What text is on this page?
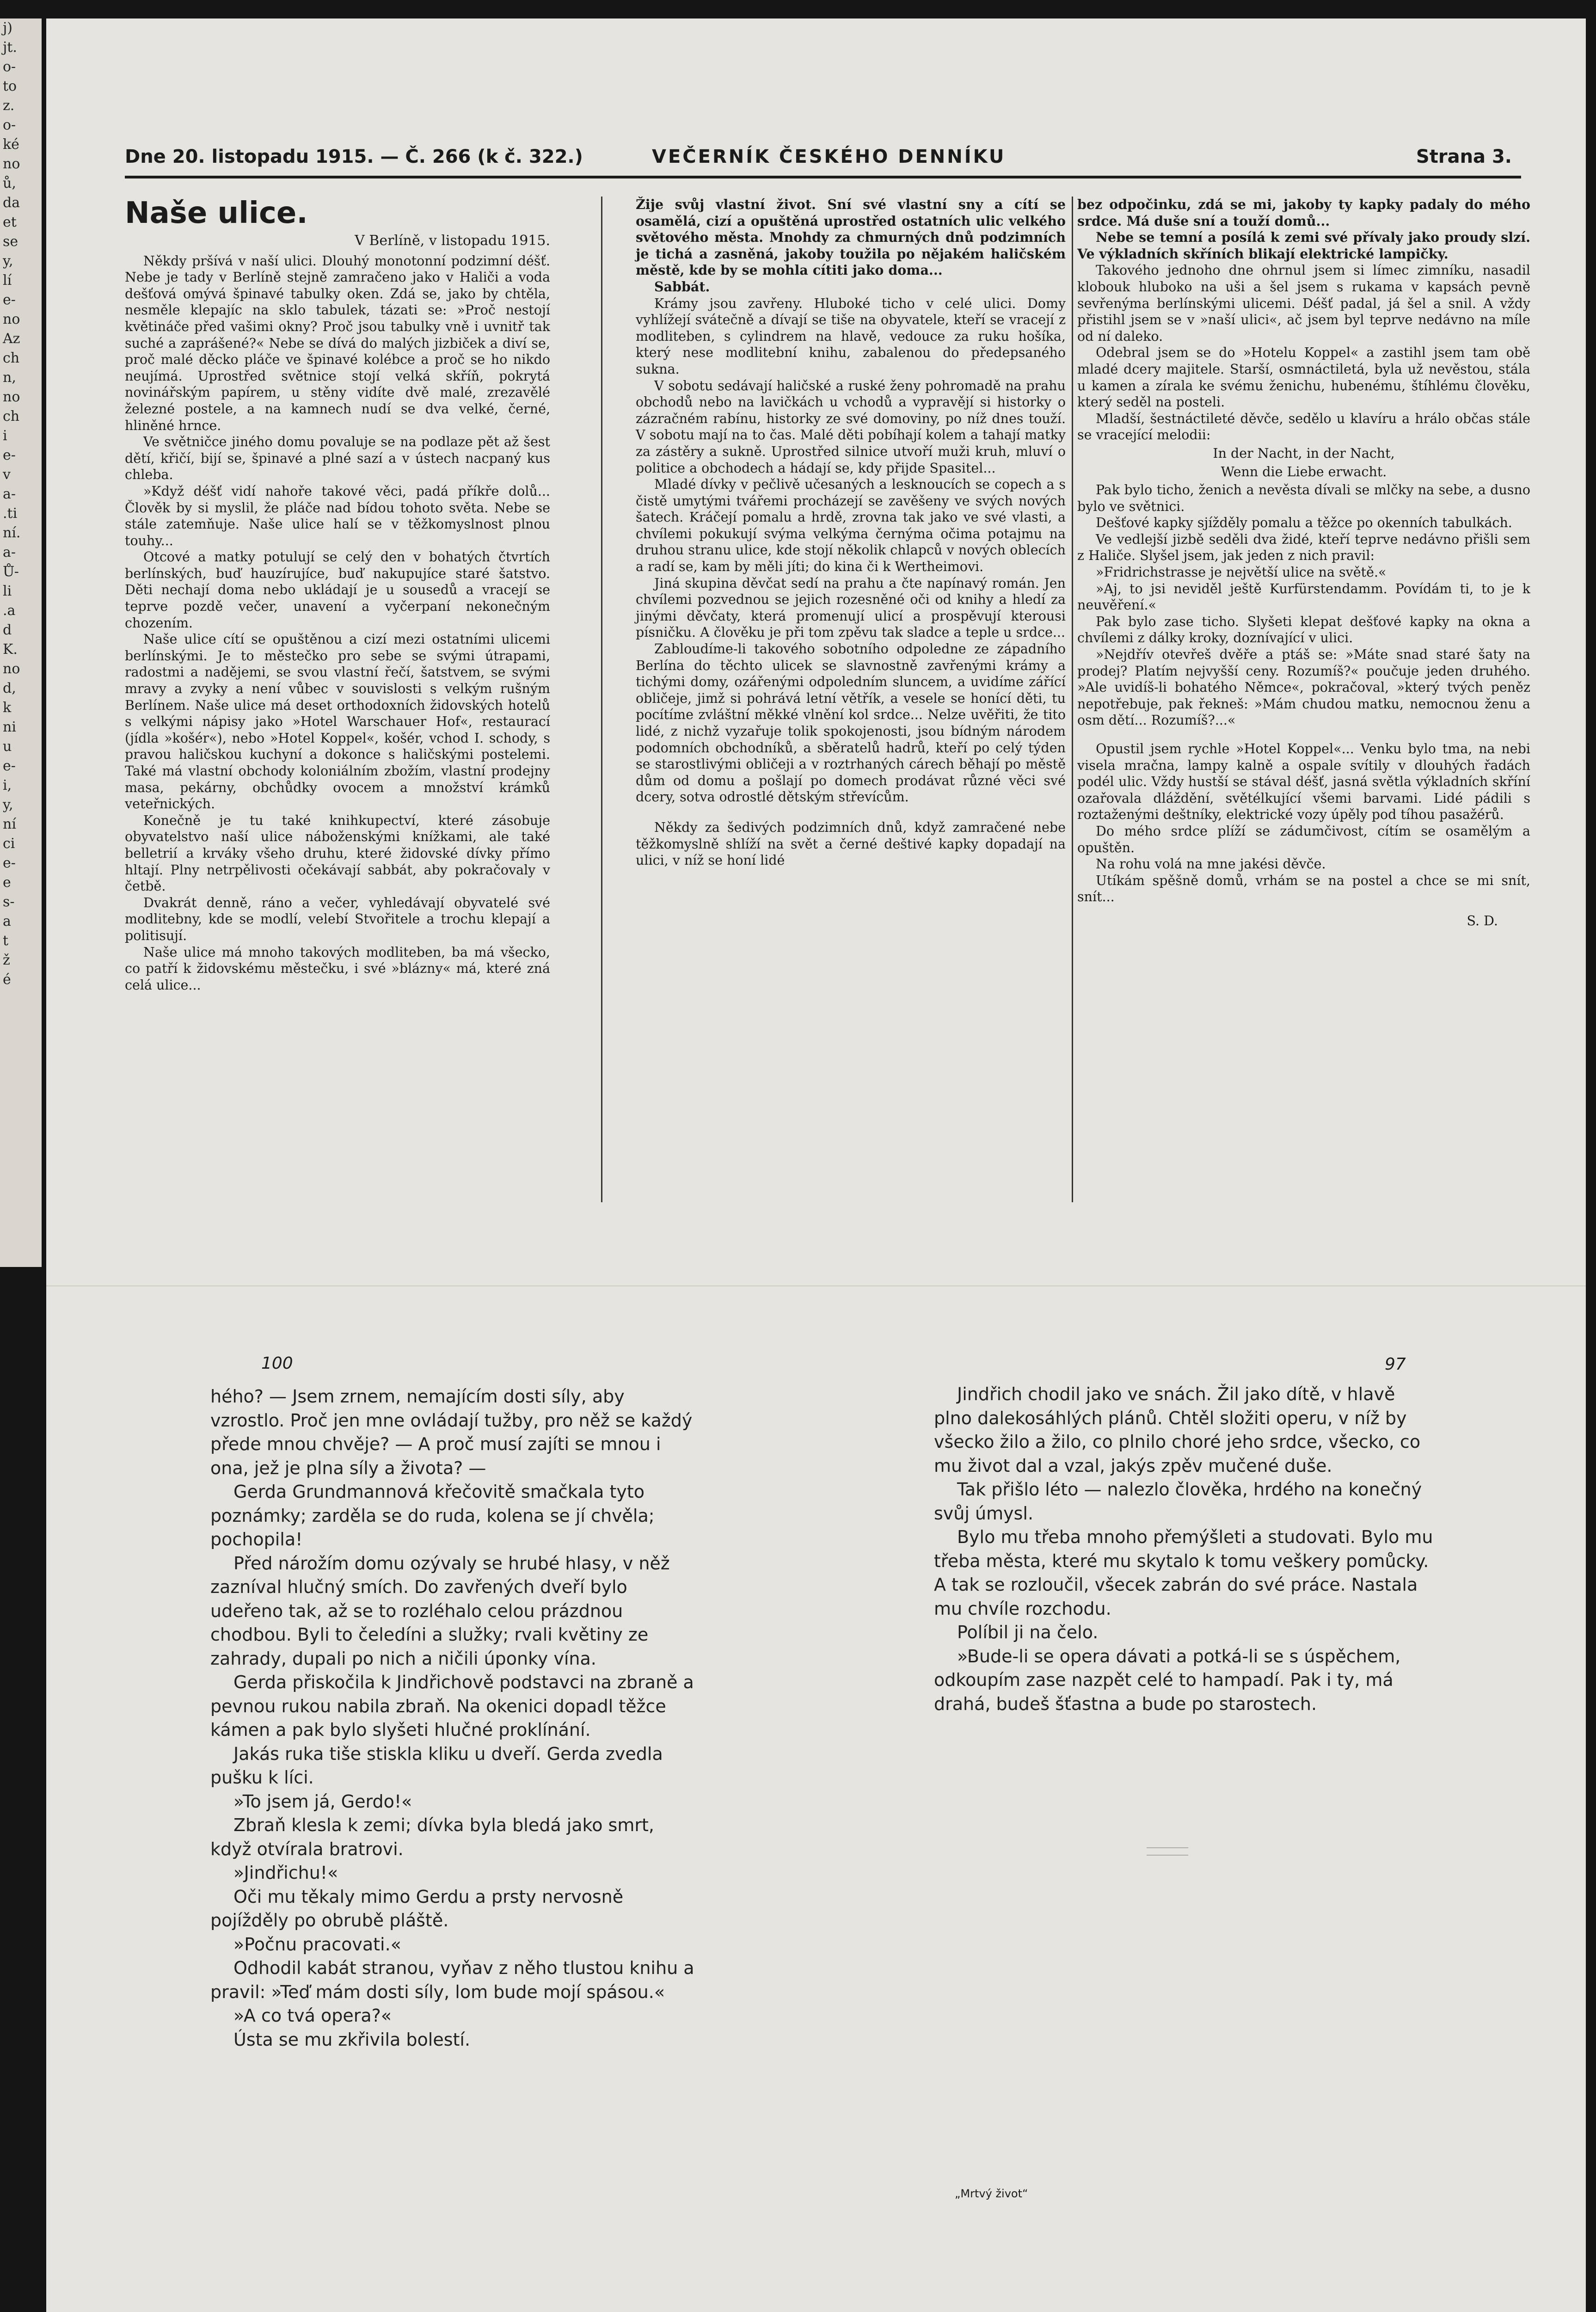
Dne 20. listopadu 1915. — Č. 266 (k č. 322.)	VEČERNÍK ČESKÉHO DENNÍKU	Strana 3.
Naše ulice.
V Berlíně, v listopadu 1915.

Někdy pršívá v naší ulici. Dlouhý monotonní podzimní déšť. Nebe je tady v Berlíně stejně zamračeno jako v Haliči a voda dešťová omývá špinavé tabulky oken. Zdá se, jako by chtěla, nesměle klepajíc na sklo tabulek, tázati se: »Proč nestojí květináče před vašimi okny? Proč jsou tabulky vně i uvnitř tak suché a zaprášené?« Nebe se dívá do malých jizbiček a diví se, proč malé děcko pláče ve špinavé kolébce a proč se ho nikdo neujímá. Uprostřed světnice stojí velká skříň, pokrytá novinářským papírem, u stěny vidíte dvě malé, zrezavělé železné postele, a na kamnech nudí se dva velké, černé, hliněné hrnce.

Ve světničce jiného domu povaluje se na podlaze pět až šest dětí, křičí, bijí se, špinavé a plné sazí a v ústech nacpaný kus chleba.

»Když déšť vidí nahoře takové věci, padá příkře dolů... Člověk by si myslil, že pláče nad bídou tohoto světa. Nebe se stále zatemňuje. Naše ulice halí se v těžkomyslnost plnou touhy...

Otcové a matky potulují se celý den v bohatých čtvrtích berlínských, buď hauzírujíce, buď nakupujíce staré šatstvo. Děti nechají doma nebo ukládají je u sousedů a vracejí se teprve pozdě večer, unavení a vyčerpaní nekonečným chozením.

Naše ulice cítí se opuštěnou a cizí mezi ostatními ulicemi berlínskými. Je to městečko pro sebe se svými útrapami, radostmi a nadějemi, se svou vlastní řečí, šatstvem, se svými mravy a zvyky a není vůbec v souvislosti s velkým rušným Berlínem. Naše ulice má deset orthodoxních židovských hotelů s velkými nápisy jako »Hotel Warschauer Hof«, restaurací (jídla »košér«), nebo »Hotel Koppel«, košér, vchod I. schody, s pravou haličskou kuchyní a dokonce s haličskými postelemi. Také má vlastní obchody koloniálním zbožím, vlastní prodejny masa, pekárny, obchůdky ovocem a množství krámků veteřnických.

Konečně je tu také knihkupectví, které zásobuje obyvatelstvo naší ulice náboženskými knížkami, ale také belletrií a krváky všeho druhu, které židovské dívky přímo hltají. Plny netrpělivosti očekávají sabbát, aby pokračovaly v četbě.

Dvakrát denně, ráno a večer, vyhledávají obyvatelé své modlitebny, kde se modlí, velebí Stvořitele a trochu klepají a politisují.

Naše ulice má mnoho takových modliteben, ba má všecko, co patří k židovskému městečku, i své »blázny« má, které zná celá ulice...

Žije svůj vlastní život. Sní své vlastní sny a cítí se osamělá, cizí a opuštěná uprostřed ostatních ulic velkého světového města. Mnohdy za chmurných dnů podzimních je tichá a zasněná, jakoby toužila po nějakém haličském městě, kde by se mohla cítiti jako doma...

Sabbát.

Krámy jsou zavřeny. Hluboké ticho v celé ulici. Domy vyhlížejí svátečně a dívají se tiše na obyvatele, kteří se vracejí z modliteben, s cylindrem na hlavě, vedouce za ruku hošíka, který nese modlitební knihu, zabalenou do předepsaného sukna.

V sobotu sedávají haličské a ruské ženy pohromadě na prahu obchodů nebo na lavičkách u vchodů a vypravějí si historky o zázračném rabínu, historky ze své domoviny, po níž dnes touží. V sobotu mají na to čas. Malé děti pobíhají kolem a tahají matky za zástěry a sukně. Uprostřed silnice utvoří muži kruh, mluví o politice a obchodech a hádají se, kdy přijde Spasitel...

Mladé dívky v pečlivě učesaných a lesknoucích se copech a s čistě umytými tvářemi procházejí se zavěšeny ve svých nových šatech. Kráčejí pomalu a hrdě, zrovna tak jako ve své vlasti, a chvílemi pokukují svýma velkýma černýma očima potajmu na druhou stranu ulice, kde stojí několik chlapců v nových oblecích a radí se, kam by měli jíti; do kina či k Wertheimovi.

Jiná skupina děvčat sedí na prahu a čte napínavý román. Jen chvílemi pozvednou se jejich rozesněné oči od knihy a hledí za jinými děvčaty, která promenují ulicí a prospěvují kterousi písničku. A člověku je při tom zpěvu tak sladce a teple u srdce...

Zabloudíme-li takového sobotního odpoledne ze západního Berlína do těchto ulicek se slavnostně zavřenými krámy a tichými domy, ozářenými odpoledním sluncem, a uvidíme zářící obličeje, jimž si pohrává letní větřík, a vesele se honící děti, tu pocítíme zvláštní měkké vlnění kol srdce... Nelze uvěřiti, že tito lidé, z nichž vyzařuje tolik spokojenosti, jsou bídným národem podomních obchodníků, a sběratelů hadrů, kteří po celý týden se starostlivými obličeji a v roztrhaných cárech běhají po městě dům od domu a pošlají po domech prodávat různé věci své dcery, sotva odrostlé dětským střevícům.

Někdy za šedivých podzimních dnů, když zamračené nebe těžkomyslně shlíží na svět a černé deštivé kapky dopadají na ulici, v níž se honí lidé

bez odpočinku, zdá se mi, jakoby ty kapky padaly do mého srdce. Má duše sní a touží domů...

Nebe se temní a posílá k zemi své přívaly jako proudy slzí. Ve výkladních skříních blikají elektrické lampičky.

Takového jednoho dne ohrnul jsem si límec zimníku, nasadil klobouk hluboko na uši a šel jsem s rukama v kapsách pevně sevřenýma berlínskými ulicemi. Déšť padal, já šel a snil. A vždy přistihl jsem se v »naší ulici«, ač jsem byl teprve nedávno na míle od ní daleko.

Odebral jsem se do »Hotelu Koppel« a zastihl jsem tam obě mladé dcery majitele. Starší, osmnáctiletá, byla už nevěstou, stála u kamen a zírala ke svému ženichu, hubenému, štíhlému člověku, který seděl na posteli.

Mladší, šestnáctileté děvče, sedělo u klavíru a hrálo občas stále se vracející melodii:

In der Nacht, in der Nacht,
Wenn die Liebe erwacht.

Pak bylo ticho, ženich a nevěsta dívali se mlčky na sebe, a dusno bylo ve světnici.

Dešťové kapky sjížděly pomalu a těžce po okenních tabulkách.

Ve vedlejší jizbě seděli dva židé, kteří teprve nedávno přišli sem z Haliče. Slyšel jsem, jak jeden z nich pravil:

»Fridrichstrasse je největší ulice na světě.«

»Aj, to jsi neviděl ještě Kurfürstendamm. Povídám ti, to je k neuvěření.«

Pak bylo zase ticho. Slyšeti klepat dešťové kapky na okna a chvílemi z dálky kroky, doznívající v ulici.

»Nejdřív otevřeš dvěře a ptáš se: »Máte snad staré šaty na prodej? Platím nejvyšší ceny. Rozumíš?« poučuje jeden druhého. »Ale uvidíš-li bohatého Němce«, pokračoval, »který tvých peněz nepotřebuje, pak řekneš: »Mám chudou matku, nemocnou ženu a osm dětí... Rozumíš?...«

Opustil jsem rychle »Hotel Koppel«... Venku bylo tma, na nebi visela mračna, lampy kalně a ospale svítily v dlouhých řadách podél ulic. Vždy hustší se stával déšť, jasná světla výkladních skříní ozařovala dláždění, světélkující všemi barvami. Lidé pádili s roztaženými deštníky, elektrické vozy úpěly pod tíhou pasažérů.

Do mého srdce plíží se zádumčivost, cítím se osamělým a opuštěn.

Na rohu volá na mne jakési děvče.

Utíkám spěšně domů, vrhám se na postel a chce se mi snít, snít...

S. D.
100	97

hého? — Jsem zrnem, nemajícím dosti síly, aby vzrostlo. Proč jen mne ovládají tužby, pro něž se každý přede mnou chvěje? — A proč musí zajíti se mnou i ona, jež je plna síly a života? —

Gerda Grundmannová křečovitě smačkala tyto poznámky; zarděla se do ruda, kolena se jí chvěla; pochopila!

Před nárožím domu ozývaly se hrubé hlasy, v něž zazníval hlučný smích. Do zavřených dveří bylo udeřeno tak, až se to rozléhalo celou prázdnou chodbou. Byli to čeledíni a služky; rvali květiny ze zahrady, dupali po nich a ničili úponky vína.

Gerda přiskočila k Jindřichově podstavci na zbraně a pevnou rukou nabila zbraň. Na okenici dopadl těžce kámen a pak bylo slyšeti hlučné proklínání.

Jakás ruka tiše stiskla kliku u dveří. Gerda zvedla pušku k líci.

»To jsem já, Gerdo!«

Zbraň klesla k zemi; dívka byla bledá jako smrt, když otvírala bratrovi.

»Jindřichu!«

Oči mu těkaly mimo Gerdu a prsty nervosně pojížděly po obrubě pláště.

»Počnu pracovati.«

Odhodil kabát stranou, vyňav z něho tlustou knihu a pravil: »Teď mám dosti síly, lom bude mojí spásou.«

»A co tvá opera?«

Ústa se mu zkřivila bolestí.

Jindřich chodil jako ve snách. Žil jako dítě, v hlavě plno dalekosáhlých plánů. Chtěl složiti operu, v níž by všecko žilo a žilo, co plnilo choré jeho srdce, všecko, co mu život dal a vzal, jakýs zpěv mučené duše.

Tak přišlo léto — nalezlo člověka, hrdého na konečný svůj úmysl.

Bylo mu třeba mnoho přemýšleti a studovati. Bylo mu třeba města, které mu skytalo k tomu veškery pomůcky. A tak se rozloučil, všecek zabrán do své práce. Nastala mu chvíle rozchodu.

Políbil ji na čelo.

»Bude-li se opera dávati a potká-li se s úspěchem, odkoupím zase nazpět celé to hampadí. Pak i ty, má drahá, budeš šťastna a bude po starostech.

„Mrtvý život“
j)
jt.
o-
to
z.
o-
ké
no
ů,
da
et
se
y,
lí
e-
no
Az
ch
n,
no
ch
i
e-
v
a-
.ti
ní.
a-
Ů-
li
.a
d
K.
no
d,
k
ni
u
e-
i,
y,
ní
ci
e-
e
s-
a
t
ž
é
